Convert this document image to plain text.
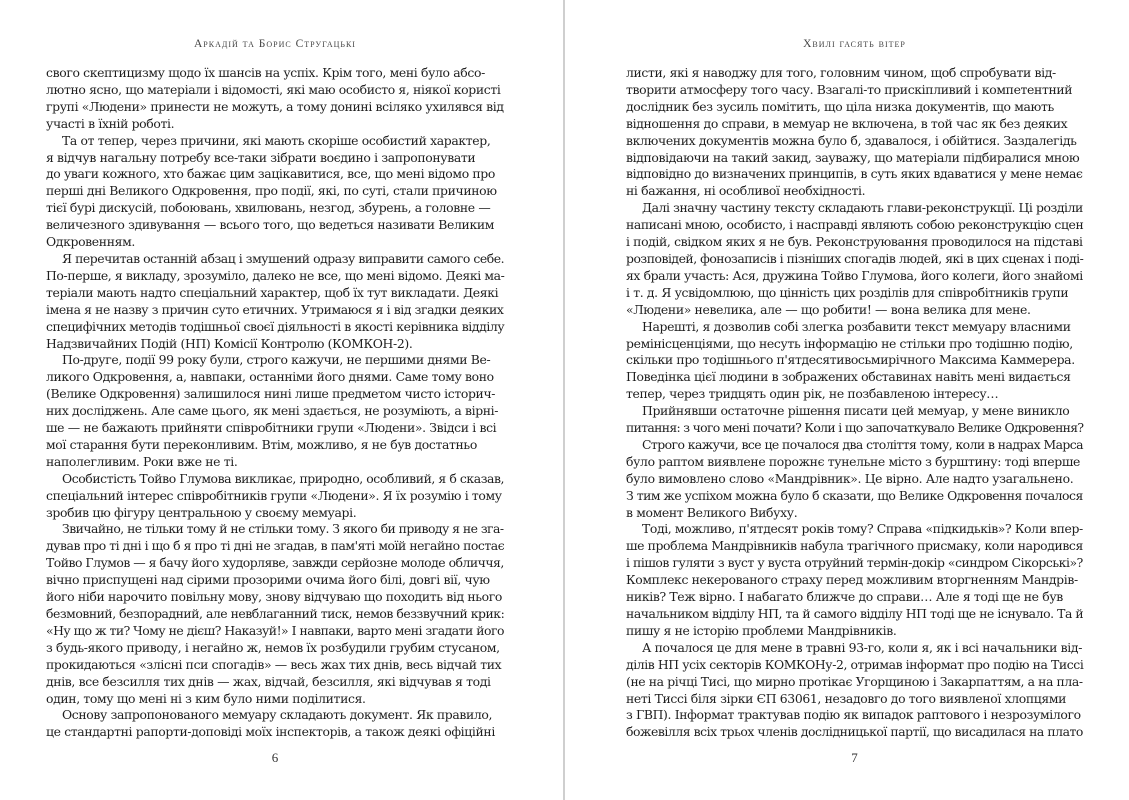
Аркадій та Борис Стругацькі
свого скептицизму щодо їх шансів на успіх. Крім того, мені було абсо-
лютно ясно, що матеріали і відомості, які маю особисто я, ніякої користі
групі «Людени» принести не можуть, а тому донині всіляко ухилявся від
участі в їхній роботі.
Та от тепер, через причини, які мають скоріше особистий характер,
я відчув нагальну потребу все-таки зібрати воєдино і запропонувати
до уваги кожного, хто бажає цим зацікавитися, все, що мені відомо про
перші дні Великого Одкровення, про події, які, по суті, стали причиною
тієї бурі дискусій, побоювань, хвилювань, незгод, збурень, а головне —
величезного здивування — всього того, що ведеться називати Великим
Одкровенням.
Я перечитав останній абзац і змушений одразу виправити самого себе.
По-перше, я викладу, зрозуміло, далеко не все, що мені відомо. Деякі ма-
теріали мають надто спеціальний характер, щоб їх тут викладати. Деякі
імена я не назву з причин суто етичних. Утримаюся я і від згадки деяких
специфічних методів тодішньої своєї діяльності в якості керівника відділу
Надзвичайних Подій (НП) Комісії Контролю (КОМКОН-2).
По-друге, події 99 року були, строго кажучи, не першими днями Ве-
ликого Одкровення, а, навпаки, останніми його днями. Саме тому воно
(Велике Одкровення) залишилося нині лише предметом чисто історич-
них досліджень. Але саме цього, як мені здається, не розуміють, а вірні-
ше — не бажають прийняти співробітники групи «Людени». Звідси і всі
мої старання бути переконливим. Втім, можливо, я не був достатньо
наполегливим. Роки вже не ті.
Особистість Тойво Глумова викликає, природно, особливий, я б сказав,
спеціальний інтерес співробітників групи «Людени». Я їх розумію і тому
зробив цю фігуру центральною у своєму мемуарі.
Звичайно, не тільки тому й не стільки тому. З якого би приводу я не зга-
дував про ті дні і що б я про ті дні не згадав, в пам'яті моїй негайно постає
Тойво Глумов — я бачу його худорляве, завжди серйозне молоде обличчя,
вічно приспущені над сірими прозорими очима його білі, довгі вії, чую
його ніби нарочито повільну мову, знову відчуваю що походить від нього
безмовний, безпорадний, але невблаганний тиск, немов беззвучний крик:
«Ну що ж ти? Чому не дієш? Наказуй!» І навпаки, варто мені згадати його
з будь-якого приводу, і негайно ж, немов їх розбудили грубим стусаном,
прокидаються «злісні пси спогадів» — весь жах тих днів, весь відчай тих
днів, все безсилля тих днів — жах, відчай, безсилля, які відчував я тоді
один, тому що мені ні з ким було ними поділитися.
Основу запропонованого мемуару складають документ. Як правило,
це стандартні рапорти-доповіді моїх інспекторів, а також деякі офіційні
6
Хвилі гасять вітер
листи, які я наводжу для того, головним чином, щоб спробувати від-
творити атмосферу того часу. Взагалі-то прискіпливий і компетентний
дослідник без зусиль помітить, що ціла низка документів, що мають
відношення до справи, в мемуар не включена, в той час як без деяких
включених документів можна було б, здавалося, і обійтися. Заздалегідь
відповідаючи на такий закид, зауважу, що матеріали підбиралися мною
відповідно до визначених принципів, в суть яких вдаватися у мене немає
ні бажання, ні особливої необхідності.
Далі значну частину тексту складають глави-реконструкції. Ці розділи
написані мною, особисто, і насправді являють собою реконструкцію сцен
і подій, свідком яких я не був. Реконструювання проводилося на підставі
розповідей, фонозаписів і пізніших спогадів людей, які в цих сценах і поді-
ях брали участь: Ася, дружина Тойво Глумова, його колеги, його знайомі
і т. д. Я усвідомлюю, що цінність цих розділів для співробітників групи
«Людени» невелика, але — що робити! — вона велика для мене.
Нарешті, я дозволив собі злегка розбавити текст мемуару власними
ремінісценціями, що несуть інформацію не стільки про тодішню подію,
скільки про тодішнього п'ятдесятивосьмирічного Максима Каммерера.
Поведінка цієї людини в зображених обставинах навіть мені видається
тепер, через тридцять один рік, не позбавленою інтересу…
Прийнявши остаточне рішення писати цей мемуар, у мене виникло
питання: з чого мені почати? Коли і що започаткувало Велике Одкровення?
Строго кажучи, все це почалося два століття тому, коли в надрах Марса
було раптом виявлене порожнє тунельне місто з бурштину: тоді вперше
було вимовлено слово «Мандрівник». Це вірно. Але надто узагальнено.
З тим же успіхом можна було б сказати, що Велике Одкровення почалося
в момент Великого Вибуху.
Тоді, можливо, п'ятдесят років тому? Справа «підкидьків»? Коли впер-
ше проблема Мандрівників набула трагічного присмаку, коли народився
і пішов гуляти з вуст у вуста отруйний термін-докір «синдром Сікорські»?
Комплекс некерованого страху перед можливим вторгненням Мандрів-
ників? Теж вірно. І набагато ближче до справи… Але я тоді ще не був
начальником відділу НП, та й самого відділу НП тоді ще не існувало. Та й
пишу я не історію проблеми Мандрівників.
А почалося це для мене в травні 93-го, коли я, як і всі начальники від-
ділів НП усіх секторів КОМКОНу-2, отримав інформат про подію на Тиссі
(не на річці Тисі, що мирно протікає Угорщиною і Закарпаттям, а на пла-
неті Тиссі біля зірки ЄП 63061, незадовго до того виявленої хлопцями
з ГВП). Інформат трактував подію як випадок раптового і незрозумілого
божевілля всіх трьох членів дослідницької партії, що висадилася на плато
7
